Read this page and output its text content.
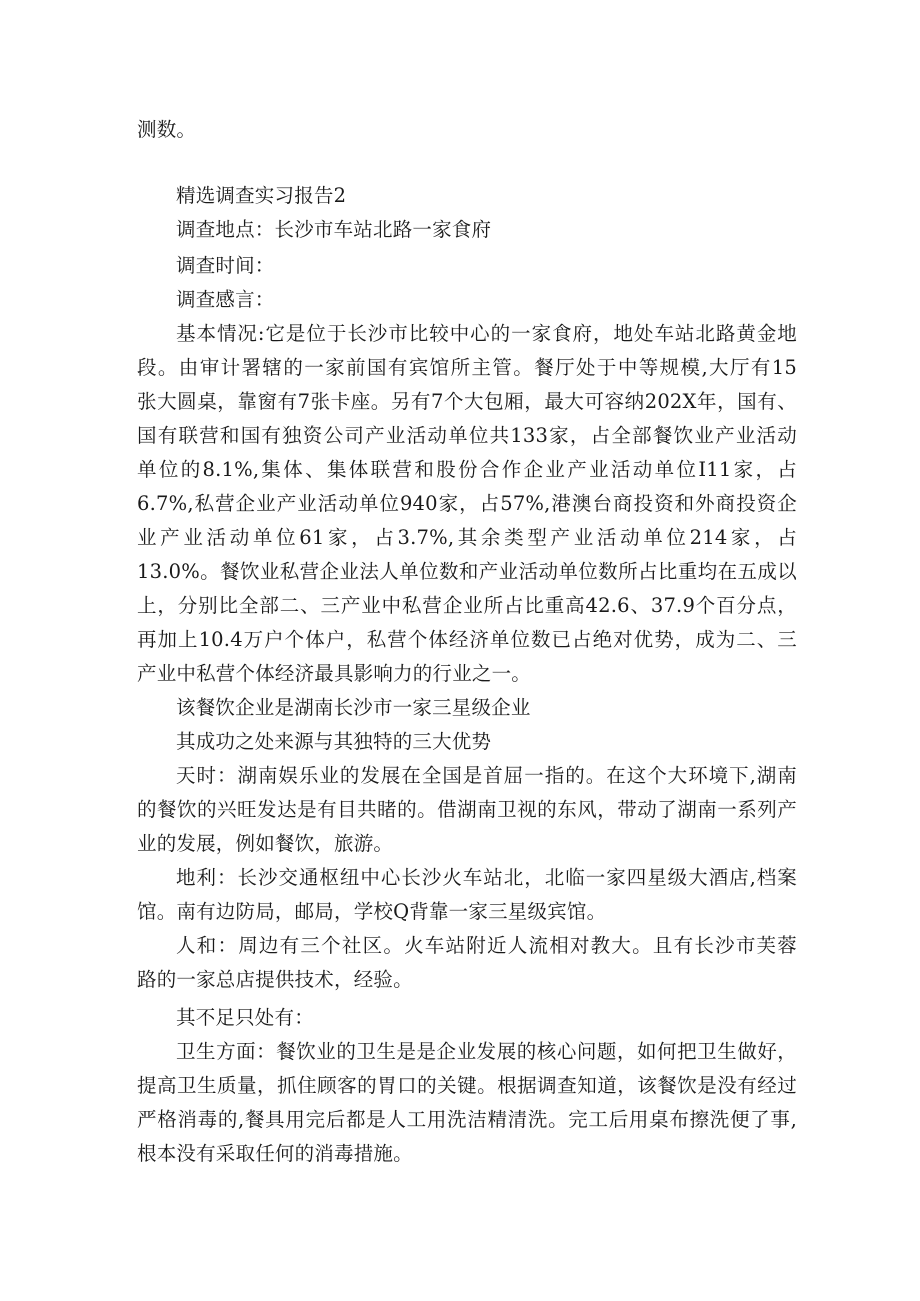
测数。
精选调查实习报告2
调查地点：长沙市车站北路一家食府
调查时间：
调查感言：
基本情况:它是位于长沙市比较中心的一家食府，地处车站北路黄金地
段。由审计署辖的一家前国有宾馆所主管。餐厅处于中等规模,大厅有15
张大圆桌，靠窗有7张卡座。另有7个大包厢，最大可容纳202X年，国有、
国有联营和国有独资公司产业活动单位共133家，占全部餐饮业产业活动
单位的8.1%,集体、集体联营和股份合作企业产业活动单位I11家，占
6.7%,私营企业产业活动单位940家，占57%,港澳台商投资和外商投资企
业产业活动单位61家，占3.7%,其余类型产业活动单位214家，占
13.0%。餐饮业私营企业法人单位数和产业活动单位数所占比重均在五成以
上，分别比全部二、三产业中私营企业所占比重高42.6、37.9个百分点，
再加上10.4万户个体户，私营个体经济单位数已占绝对优势，成为二、三
产业中私营个体经济最具影响力的行业之一。
该餐饮企业是湖南长沙市一家三星级企业
其成功之处来源与其独特的三大优势
天时：湖南娱乐业的发展在全国是首屈一指的。在这个大环境下,湖南
的餐饮的兴旺发达是有目共睹的。借湖南卫视的东风，带动了湖南一系列产
业的发展，例如餐饮，旅游。
地利：长沙交通枢纽中心长沙火车站北，北临一家四星级大酒店,档案
馆。南有边防局，邮局，学校Q背靠一家三星级宾馆。
人和：周边有三个社区。火车站附近人流相对教大。且有长沙市芙蓉
路的一家总店提供技术，经验。
其不足只处有：
卫生方面：餐饮业的卫生是是企业发展的核心问题，如何把卫生做好，
提高卫生质量，抓住顾客的胃口的关键。根据调查知道，该餐饮是没有经过
严格消毒的,餐具用完后都是人工用洗洁精清洗。完工后用桌布擦洗便了事,
根本没有采取任何的消毒措施。
